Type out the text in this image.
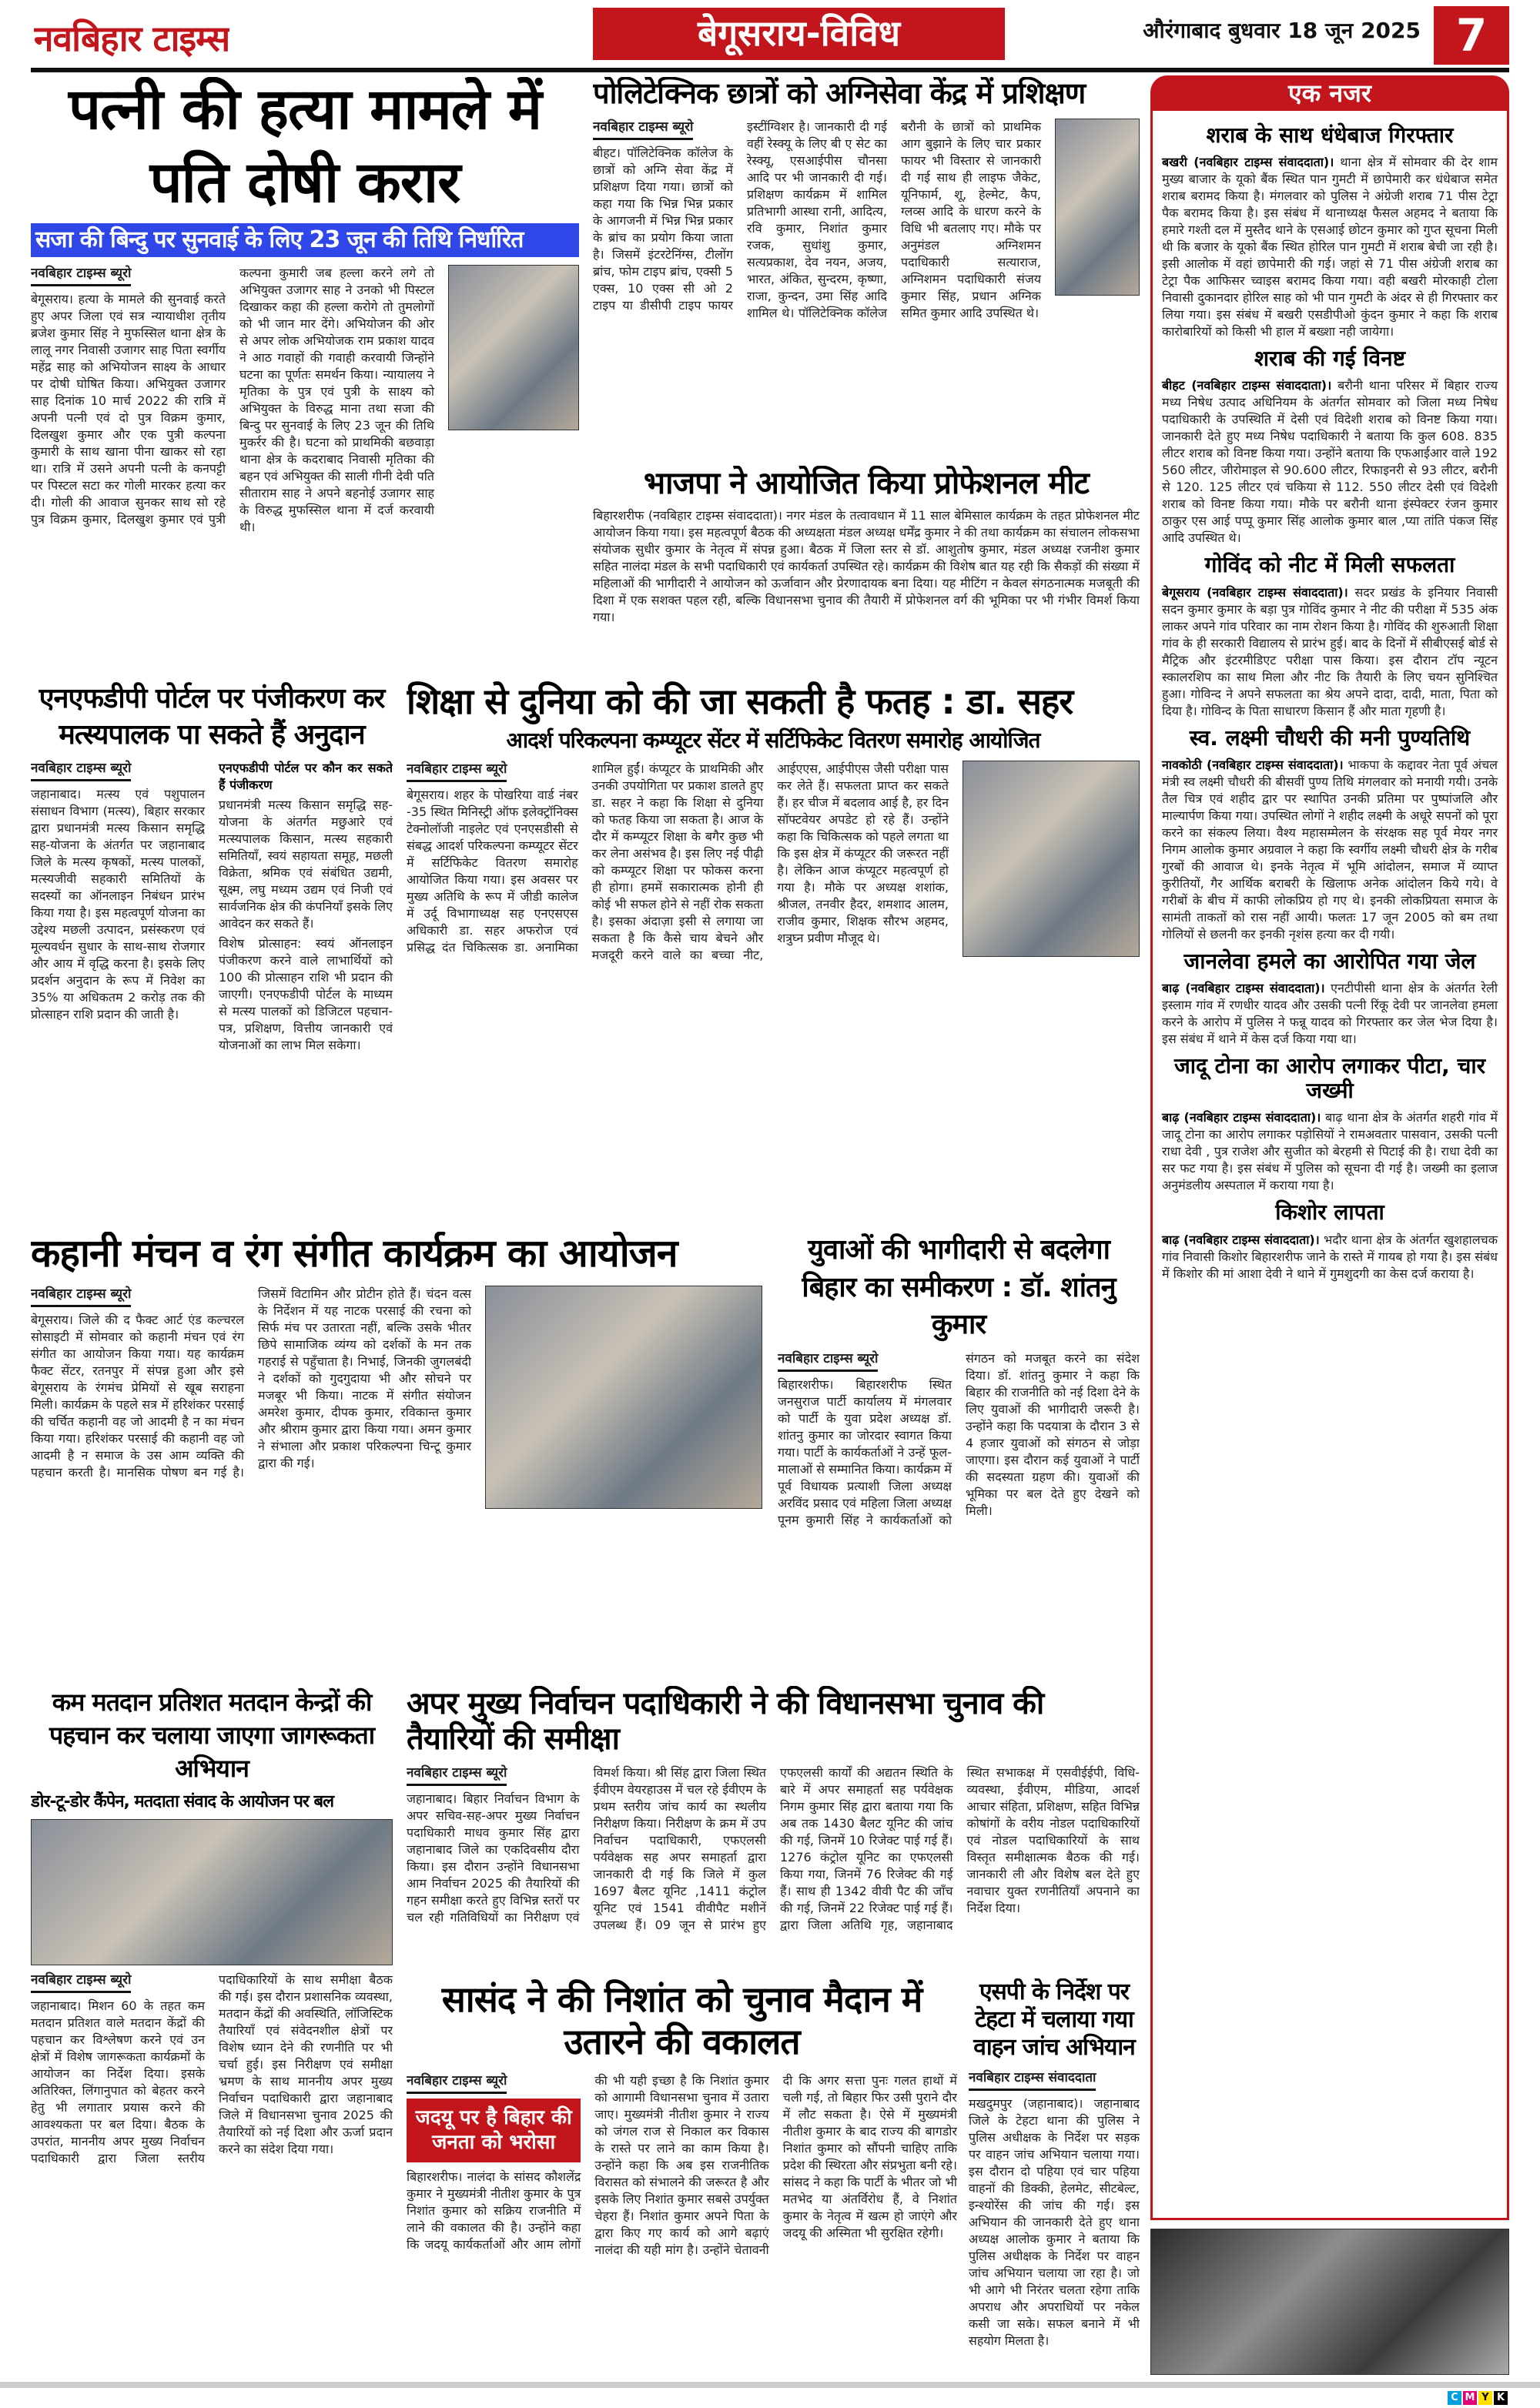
नवबिहार टाइम्स	बेगूसराय-विविध	औरंगाबाद बुधवार 18 जून 2025 7
पत्नी की हत्या मामले में
पति दोषी करार
सजा की बिन्दु पर सुनवाई के लिए 23 जून की तिथि निर्धारित
नवबिहार टाइम्स ब्यूरो

बेगूसराय। हत्या के मामले की सुनवाई करते हुए अपर जिला एवं सत्र न्यायाधीश तृतीय ब्रजेश कुमार सिंह ने मुफस्सिल थाना क्षेत्र के लालू नगर निवासी उजागर साह पिता स्वर्गीय महेंद्र साह को अभियोजन साक्ष्य के आधार पर दोषी घोषित किया। अभियुक्त उजागर साह दिनांक 10 मार्च 2022 की रात्रि में अपनी पत्नी एवं दो पुत्र विक्रम कुमार, दिलखुश कुमार और एक पुत्री कल्पना कुमारी के साथ खाना पीना खाकर सो रहा था। रात्रि में उसने अपनी पत्नी के कनपट्टी पर पिस्टल सटा कर गोली मारकर हत्या कर दी। गोली की आवाज सुनकर साथ सो रहे पुत्र विक्रम कुमार, दिलखुश कुमार एवं पुत्री कल्पना कुमारी जब हल्ला करने लगे तो अभियुक्त उजागर साह ने उनको भी पिस्टल दिखाकर कहा की हल्ला करोगे तो तुमलोगों को भी जान मार देंगे। अभियोजन की ओर से अपर लोक अभियोजक राम प्रकाश यादव ने आठ गवाहों की गवाही करवायी जिन्होंने घटना का पूर्णतः समर्थन किया। न्यायालय ने मृतिका के पुत्र एवं पुत्री के साक्ष्य को अभियुक्त के विरुद्ध माना तथा सजा की बिन्दु पर सुनवाई के लिए 23 जून की तिथि मुकर्रर की है। घटना को प्राथमिकी बछवाड़ा थाना क्षेत्र के कदराबाद निवासी मृतिका की बहन एवं अभियुक्त की साली गीनी देवी पति सीताराम साह ने अपने बहनोई उजागर साह के विरुद्ध मुफस्सिल थाना में दर्ज करवायी थी।

पोलिटेक्निक छात्रों को अग्निसेवा केंद्र में प्रशिक्षण
नवबिहार टाइम्स ब्यूरो

बीहट। पॉलिटेक्निक कॉलेज के छात्रों को अग्नि सेवा केंद्र में प्रशिक्षण दिया गया। छात्रों को कहा गया कि भिन्न भिन्न प्रकार के आगजनी में भिन्न भिन्न प्रकार के ब्रांच का प्रयोग किया जाता है। जिसमें इंटरटेनिंग्स, टीलोंग ब्रांच, फोम टाइप ब्रांच, एक्सी 5 एक्स, 10 एक्स सी ओ 2 टाइप या डीसीपी टाइप फायर इस्टींग्विशर है। जानकारी दी गई वहीं रेस्क्यू के लिए बी ए सेट का रेस्क्यू, एसआईपीस चौनसा आदि पर भी जानकारी दी गई। प्रशिक्षण कार्यक्रम में शामिल प्रतिभागी आस्था रानी, आदित्य, रवि कुमार, निशांत कुमार रजक, सुधांशु कुमार, सत्यप्रकाश, देव नयन, अजय, भारत, अंकित, सुन्दरम, कृष्णा, राजा, कुन्दन, उमा सिंह आदि शामिल थे। पॉलिटेक्निक कॉलेज बरौनी के छात्रों को प्राथमिक आग बुझाने के लिए चार प्रकार फायर भी विस्तार से जानकारी दी गई साथ ही लाइफ जैकेट, यूनिफार्म, शू, हेल्मेट, कैप, ग्लव्स आदि के धारण करने के विधि भी बतलाए गए। मौके पर अनुमंडल अग्निशमन पदाधिकारी सत्याराज, अग्निशमन पदाधिकारी संजय कुमार सिंह, प्रधान अग्निक समित कुमार आदि उपस्थित थे।

भाजपा ने आयोजित किया प्रोफेशनल मीट

बिहारशरीफ (नवबिहार टाइम्स संवाददाता)। नगर मंडल के तत्वावधान में 11 साल बेमिसाल कार्यक्रम के तहत प्रोफेशनल मीट आयोजन किया गया। इस महत्वपूर्ण बैठक की अध्यक्षता मंडल अध्यक्ष धर्मेंद्र कुमार ने की तथा कार्यक्रम का संचालन लोकसभा संयोजक सुधीर कुमार के नेतृत्व में संपन्न हुआ। बैठक में जिला स्तर से डॉ. आशुतोष कुमार, मंडल अध्यक्ष रजनीश कुमार सहित नालंदा मंडल के सभी पदाधिकारी एवं कार्यकर्ता उपस्थित रहे। कार्यक्रम की विशेष बात यह रही कि सैकड़ों की संख्या में महिलाओं की भागीदारी ने आयोजन को ऊर्जावान और प्रेरणादायक बना दिया। यह मीटिंग न केवल संगठनात्मक मजबूती की दिशा में एक सशक्त पहल रही, बल्कि विधानसभा चुनाव की तैयारी में प्रोफेशनल वर्ग की भूमिका पर भी गंभीर विमर्श किया गया।

एक नजर
शराब के साथ धंधेबाज गिरफ्तार
बखरी (नवबिहार टाइम्स संवाददाता)। थाना क्षेत्र में सोमवार की देर शाम मुख्य बाजार के यूको बैंक स्थित पान गुमटी में छापेमारी कर धंधेबाज समेत शराब बरामद किया है। मंगलवार को पुलिस ने अंग्रेजी शराब 71 पीस टेट्रा पैक बरामद किया है। इस संबंध में थानाध्यक्ष फैसल अहमद ने बताया कि हमारे गश्ती दल में मुस्तैद थाने के एसआई छोटन कुमार को गुप्त सूचना मिली थी कि बजार के यूको बैंक स्थित होरिल पान गुमटी में शराब बेची जा रही है। इसी आलोक में वहां छापेमारी की गई। जहां से 71 पीस अंग्रेजी शराब का टेट्रा पैक आफिसर च्वाइस बरामद किया गया। वही बखरी मोरकाही टोला निवासी दुकानदार होरिल साह को भी पान गुमटी के अंदर से ही गिरफ्तार कर लिया गया। इस संबंध में बखरी एसडीपीओ कुंदन कुमार ने कहा कि शराब कारोबारियों को किसी भी हाल में बख्शा नही जायेगा।
शराब की गई विनष्ट
बीहट (नवबिहार टाइम्स संवाददाता)। बरौनी थाना परिसर में बिहार राज्य मध्य निषेध उत्पाद अधिनियम के अंतर्गत सोमवार को जिला मध्य निषेध पदाधिकारी के उपस्थिति में देसी एवं विदेशी शराब को विनष्ट किया गया। जानकारी देते हुए मध्य निषेध पदाधिकारी ने बताया कि कुल 608. 835 लीटर शराब को विनष्ट किया गया। उन्होंने बताया कि एफआईआर वाले 192 560 लीटर, जीरोमाइल से 90.600 लीटर, रिफाइनरी से 93 लीटर, बरौनी से 120. 125 लीटर एवं चकिया से 112. 550 लीटर देसी एवं विदेशी शराब को विनष्ट किया गया। मौके पर बरौनी थाना इंस्पेक्टर रंजन कुमार ठाकुर एस आई पप्पू कुमार सिंह आलोक कुमार बाल ,प्या तांति पंकज सिंह आदि उपस्थित थे।
गोविंद को नीट में मिली सफलता
बेगूसराय (नवबिहार टाइम्स संवाददाता)। सदर प्रखंड के इनियार निवासी सदन कुमार कुमार के बड़ा पुत्र गोविंद कुमार ने नीट की परीक्षा में 535 अंक लाकर अपने गांव परिवार का नाम रोशन किया है। गोविंद की शुरुआती शिक्षा गांव के ही सरकारी विद्यालय से प्रारंभ हुई। बाद के दिनों में सीबीएसई बोर्ड से मैट्रिक और इंटरमीडिएट परीक्षा पास किया। इस दौरान टॉप न्यूटन स्कालरशिप का साथ मिला और नीट कि तैयारी के लिए चयन सुनिश्चित हुआ। गोविन्द ने अपने सफलता का श्रेय अपने दादा, दादी, माता, पिता को दिया है। गोविन्द के पिता साधारण किसान हैं और माता गृहणी है।
स्व. लक्ष्मी चौधरी की मनी पुण्यतिथि
नावकोठी (नवबिहार टाइम्स संवाददाता)। भाकपा के कद्दावर नेता पूर्व अंचल मंत्री स्व लक्ष्मी चौधरी की बीसवीं पुण्य तिथि मंगलवार को मनायी गयी। उनके तैल चित्र एवं शहीद द्वार पर स्थापित उनकी प्रतिमा पर पुष्पांजलि और माल्यार्पण किया गया। उपस्थित लोगों ने शहीद लक्ष्मी के अधूरे सपनों को पूरा करने का संकल्प लिया। वैश्य महासम्मेलन के संरक्षक सह पूर्व मेयर नगर निगम आलोक कुमार अग्रवाल ने कहा कि स्वर्गीय लक्ष्मी चौधरी क्षेत्र के गरीब गुरबों की आवाज थे। इनके नेतृत्व में भूमि आंदोलन, समाज में व्याप्त कुरीतियों, गैर आर्थिक बराबरी के खिलाफ अनेक आंदोलन किये गये। वे गरीबों के बीच में काफी लोकप्रिय हो गए थे। इनकी लोकप्रियता समाज के सामंती ताकतों को रास नहीं आयी। फलतः 17 जून 2005 को बम तथा गोलियों से छलनी कर इनकी नृशंस हत्या कर दी गयी।
जानलेवा हमले का आरोपित गया जेल
बाढ़ (नवबिहार टाइम्स संवाददाता)। एनटीपीसी थाना क्षेत्र के अंतर्गत रेली इस्लाम गांव में रणधीर यादव और उसकी पत्नी रिंकू देवी पर जानलेवा हमला करने के आरोप में पुलिस ने फन्नू यादव को गिरफ्तार कर जेल भेज दिया है। इस संबंध में थाने में केस दर्ज किया गया था।
जादू टोना का आरोप लगाकर पीटा, चार जख्मी
बाढ़ (नवबिहार टाइम्स संवाददाता)। बाढ़ थाना क्षेत्र के अंतर्गत शहरी गांव में जादू टोना का आरोप लगाकर पड़ोसियों ने रामअवतार पासवान, उसकी पत्नी राधा देवी , पुत्र राजेश और सुजीत को बेरहमी से पिटाई की है। राधा देवी का सर फट गया है। इस संबंध में पुलिस को सूचना दी गई है। जख्मी का इलाज अनुमंडलीय अस्पताल में कराया गया है।
किशोर लापता
बाढ़ (नवबिहार टाइम्स संवाददाता)। भदौर थाना क्षेत्र के अंतर्गत खुशहालचक गांव निवासी किशोर बिहारशरीफ जाने के रास्ते में गायब हो गया है। इस संबंध में किशोर की मां आशा देवी ने थाने में गुमशुदगी का केस दर्ज कराया है।
एनएफडीपी पोर्टल पर पंजीकरण कर मत्स्यपालक पा सकते हैं अनुदान
नवबिहार टाइम्स ब्यूरो

जहानाबाद। मत्स्य एवं पशुपालन संसाधन विभाग (मत्स्य), बिहार सरकार द्वारा प्रधानमंत्री मत्स्य किसान समृद्धि सह-योजना के अंतर्गत पर जहानाबाद जिले के मत्स्य कृषकों, मत्स्य पालकों, मत्स्यजीवी सहकारी समितियों के सदस्यों का ऑनलाइन निबंधन प्रारंभ किया गया है। इस महत्वपूर्ण योजना का उद्देश्य मछली उत्पादन, प्रसंस्करण एवं मूल्यवर्धन सुधार के साथ-साथ रोजगार और आय में वृद्धि करना है। इसके लिए प्रदर्शन अनुदान के रूप में निवेश का 35% या अधिकतम 2 करोड़ तक की प्रोत्साहन राशि प्रदान की जाती है।

एनएफडीपी पोर्टल पर कौन कर सकते हैं पंजीकरण

प्रधानमंत्री मत्स्य किसान समृद्धि सह-योजना के अंतर्गत मछुआरे एवं मत्स्यपालक किसान, मत्स्य सहकारी समितियाँ, स्वयं सहायता समूह, मछली विक्रेता, श्रमिक एवं संबंधित उद्यमी, सूक्ष्म, लघु मध्यम उद्यम एवं निजी एवं सार्वजनिक क्षेत्र की कंपनियाँ इसके लिए आवेदन कर सकते हैं।

विशेष प्रोत्साहन: स्वयं ऑनलाइन पंजीकरण करने वाले लाभार्थियों को 100 की प्रोत्साहन राशि भी प्रदान की जाएगी। एनएफडीपी पोर्टल के माध्यम से मत्स्य पालकों को डिजिटल पहचान-पत्र, प्रशिक्षण, वित्तीय जानकारी एवं योजनाओं का लाभ मिल सकेगा।

शिक्षा से दुनिया को की जा सकती है फतह : डा. सहर
आदर्श परिकल्पना कम्प्यूटर सेंटर में सर्टिफिकेट वितरण समारोह आयोजित
नवबिहार टाइम्स ब्यूरो

बेगूसराय। शहर के पोखरिया वार्ड नंबर -35 स्थित मिनिस्ट्री ऑफ इलेक्ट्रॉनिक्स टेक्नोलॉजी नाइलेट एवं एनएसडीसी से संबद्ध आदर्श परिकल्पना कम्प्यूटर सेंटर में सर्टिफिकेट वितरण समारोह आयोजित किया गया। इस अवसर पर मुख्य अतिथि के रूप में जीडी कालेज में उर्दू विभागाध्यक्ष सह एनएसएस अधिकारी डा. सहर अफरोज एवं प्रसिद्ध दंत चिकित्सक डा. अनामिका शामिल हुईं। कंप्यूटर के प्राथमिकी और उनकी उपयोगिता पर प्रकाश डालते हुए डा. सहर ने कहा कि शिक्षा से दुनिया को फतह किया जा सकता है। आज के दौर में कम्प्यूटर शिक्षा के बगैर कुछ भी कर लेना असंभव है। इस लिए नई पीढ़ी को कम्प्यूटर शिक्षा पर फोकस करना ही होगा। हममें सकारात्मक होनी ही कोई भी सफल होने से नहीं रोक सकता है। इसका अंदाज़ा इसी से लगाया जा सकता है कि कैसे चाय बेचने और मजदूरी करने वाले का बच्चा नीट, आईएएस, आईपीएस जैसी परीक्षा पास कर लेते हैं। सफलता प्राप्त कर सकते हैं। हर चीज में बदलाव आई है, हर दिन सॉफ्टवेयर अपडेट हो रहे हैं। उन्होंने कहा कि चिकित्सक को पहले लगता था कि इस क्षेत्र में कंप्यूटर की जरूरत नहीं है। लेकिन आज कंप्यूटर महत्वपूर्ण हो गया है। मौके पर अध्यक्ष शशांक, श्रीजल, तनवीर हैदर, शमशाद आलम, राजीव कुमार, शिक्षक सौरभ अहमद, शत्रुघ्न प्रवीण मौजूद थे।

कहानी मंचन व रंग संगीत कार्यक्रम का आयोजन
नवबिहार टाइम्स ब्यूरो

बेगूसराय। जिले की द फैक्ट आर्ट एंड कल्चरल सोसाइटी में सोमवार को कहानी मंचन एवं रंग संगीत का आयोजन किया गया। यह कार्यक्रम फैक्ट सेंटर, रतनपुर में संपन्न हुआ और इसे बेगूसराय के रंगमंच प्रेमियों से खूब सराहना मिली। कार्यक्रम के पहले सत्र में हरिशंकर परसाई की चर्चित कहानी वह जो आदमी है न का मंचन किया गया। हरिशंकर परसाई की कहानी वह जो आदमी है न समाज के उस आम व्यक्ति की पहचान करती है। मानसिक पोषण बन गई है। जिसमें विटामिन और प्रोटीन होते हैं। चंदन वत्स के निर्देशन में यह नाटक परसाई की रचना को सिर्फ मंच पर उतारता नहीं, बल्कि उसके भीतर छिपे सामाजिक व्यंग्य को दर्शकों के मन तक गहराई से पहुँचाता है। निभाई, जिनकी जुगलबंदी ने दर्शकों को गुदगुदाया भी और सोचने पर मजबूर भी किया। नाटक में संगीत संयोजन अमरेश कुमार, दीपक कुमार, रविकान्त कुमार और श्रीराम कुमार द्वारा किया गया। अमन कुमार ने संभाला और प्रकाश परिकल्पना चिन्टू कुमार द्वारा की गई।

युवाओं की भागीदारी से बदलेगा बिहार का समीकरण : डॉ. शांतनु कुमार
नवबिहार टाइम्स ब्यूरो

बिहारशरीफ। बिहारशरीफ स्थित जनसुराज पार्टी कार्यालय में मंगलवार को पार्टी के युवा प्रदेश अध्यक्ष डॉ. शांतनु कुमार का जोरदार स्वागत किया गया। पार्टी के कार्यकर्ताओं ने उन्हें फूल-मालाओं से सम्मानित किया। कार्यक्रम में पूर्व विधायक प्रत्याशी जिला अध्यक्ष अरविंद प्रसाद एवं महिला जिला अध्यक्ष पूनम कुमारी सिंह ने कार्यकर्ताओं को संगठन को मजबूत करने का संदेश दिया। डॉ. शांतनु कुमार ने कहा कि बिहार की राजनीति को नई दिशा देने के लिए युवाओं की भागीदारी जरूरी है। उन्होंने कहा कि पदयात्रा के दौरान 3 से 4 हजार युवाओं को संगठन से जोड़ा जाएगा। इस दौरान कई युवाओं ने पार्टी की सदस्यता ग्रहण की। युवाओं की भूमिका पर बल देते हुए देखने को मिली।

कम मतदान प्रतिशत मतदान केन्द्रों की पहचान कर चलाया जाएगा जागरूकता अभियान
डोर-टू-डोर कैंपेन, मतदाता संवाद के आयोजन पर बल
नवबिहार टाइम्स ब्यूरो

जहानाबाद। मिशन 60 के तहत कम मतदान प्रतिशत वाले मतदान केंद्रों की पहचान कर विश्लेषण करने एवं उन क्षेत्रों में विशेष जागरूकता कार्यक्रमों के आयोजन का निर्देश दिया। इसके अतिरिक्त, लिंगानुपात को बेहतर करने हेतु भी लगातार प्रयास करने की आवश्यकता पर बल दिया। बैठक के उपरांत, माननीय अपर मुख्य निर्वाचन पदाधिकारी द्वारा जिला स्तरीय पदाधिकारियों के साथ समीक्षा बैठक की गई। इस दौरान प्रशासनिक व्यवस्था, मतदान केंद्रों की अवस्थिति, लॉजिस्टिक तैयारियाँ एवं संवेदनशील क्षेत्रों पर विशेष ध्यान देने की रणनीति पर भी चर्चा हुई। इस निरीक्षण एवं समीक्षा भ्रमण के साथ माननीय अपर मुख्य निर्वाचन पदाधिकारी द्वारा जहानाबाद जिले में विधानसभा चुनाव 2025 की तैयारियों को नई दिशा और ऊर्जा प्रदान करने का संदेश दिया गया।

अपर मुख्य निर्वाचन पदाधिकारी ने की विधानसभा चुनाव की तैयारियों की समीक्षा
नवबिहार टाइम्स ब्यूरो

जहानाबाद। बिहार निर्वाचन विभाग के अपर सचिव-सह-अपर मुख्य निर्वाचन पदाधिकारी माधव कुमार सिंह द्वारा जहानाबाद जिले का एकदिवसीय दौरा किया। इस दौरान उन्होंने विधानसभा आम निर्वाचन 2025 की तैयारियों की गहन समीक्षा करते हुए विभिन्न स्तरों पर चल रही गतिविधियों का निरीक्षण एवं विमर्श किया। श्री सिंह द्वारा जिला स्थित ईवीएम वेयरहाउस में चल रहे ईवीएम के प्रथम स्तरीय जांच कार्य का स्थलीय निरीक्षण किया। निरीक्षण के क्रम में उप निर्वाचन पदाधिकारी, एफएलसी पर्यवेक्षक सह अपर समाहर्ता द्वारा जानकारी दी गई कि जिले में कुल 1697 बैलट यूनिट ,1411 कंट्रोल यूनिट एवं 1541 वीवीपैट मशीनें उपलब्ध हैं। 09 जून से प्रारंभ हुए एफएलसी कार्यों की अद्यतन स्थिति के बारे में अपर समाहर्ता सह पर्यवेक्षक निगम कुमार सिंह द्वारा बताया गया कि अब तक 1430 बैलट यूनिट की जांच की गई, जिनमें 10 रिजेक्ट पाई गई हैं। 1276 कंट्रोल यूनिट का एफएलसी किया गया, जिनमें 76 रिजेक्ट की गई हैं। साथ ही 1342 वीवी पैट की जाँच की गई, जिनमें 22 रिजेक्ट पाई गई हैं। द्वारा जिला अतिथि गृह, जहानाबाद स्थित सभाकक्ष में एसवीईईपी, विधि-व्यवस्था, ईवीएम, मीडिया, आदर्श आचार संहिता, प्रशिक्षण, सहित विभिन्न कोषांगों के वरीय नोडल पदाधिकारियों एवं नोडल पदाधिकारियों के साथ विस्तृत समीक्षात्मक बैठक की गई। जानकारी ली और विशेष बल देते हुए नवाचार युक्त रणनीतियाँ अपनाने का निर्देश दिया।

सासंद ने की निशांत को चुनाव मैदान में उतारने की वकालत
नवबिहार टाइम्स ब्यूरो
जदयू पर है बिहार की जनता को भरोसा

बिहारशरीफ। नालंदा के सांसद कौशलेंद्र कुमार ने मुख्यमंत्री नीतीश कुमार के पुत्र निशांत कुमार को सक्रिय राजनीति में लाने की वकालत की है। उन्होंने कहा कि जदयू कार्यकर्ताओं और आम लोगों की भी यही इच्छा है कि निशांत कुमार को आगामी विधानसभा चुनाव में उतारा जाए। मुख्यमंत्री नीतीश कुमार ने राज्य को जंगल राज से निकाल कर विकास के रास्ते पर लाने का काम किया है। उन्होंने कहा कि अब इस राजनीतिक विरासत को संभालने की जरूरत है और इसके लिए निशांत कुमार सबसे उपर्युक्त चेहरा हैं। निशांत कुमार अपने पिता के द्वारा किए गए कार्य को आगे बढ़ाएं नालंदा की यही मांग है। उन्होंने चेतावनी दी कि अगर सत्ता पुनः गलत हाथों में चली गई, तो बिहार फिर उसी पुराने दौर में लौट सकता है। ऐसे में मुख्यमंत्री नीतीश कुमार के बाद राज्य की बागडोर निशांत कुमार को सौंपनी चाहिए ताकि प्रदेश की स्थिरता और संप्रभुता बनी रहे। सांसद ने कहा कि पार्टी के भीतर जो भी मतभेद या अंतर्विरोध हैं, वे निशांत कुमार के नेतृत्व में खत्म हो जाएंगे और जदयू की अस्मिता भी सुरक्षित रहेगी।

एसपी के निर्देश पर टेहटा में चलाया गया वाहन जांच अभियान
नवबिहार टाइम्स संवाददाता

मखदुमपुर (जहानाबाद)। जहानाबाद जिले के टेहटा थाना की पुलिस ने पुलिस अधीक्षक के निर्देश पर सड़क पर वाहन जांच अभियान चलाया गया। इस दौरान दो पहिया एवं चार पहिया वाहनों की डिक्की, हेलमेट, सीटबेल्ट, इन्श्योरेंस की जांच की गई। इस अभियान की जानकारी देते हुए थाना अध्यक्ष आलोक कुमार ने बताया कि पुलिस अधीक्षक के निर्देश पर वाहन जांच अभियान चलाया जा रहा है। जो भी आगे भी निरंतर चलता रहेगा ताकि अपराध और अपराधियों पर नकेल कसी जा सके। सफल बनाने में भी सहयोग मिलता है।

C M Y K
